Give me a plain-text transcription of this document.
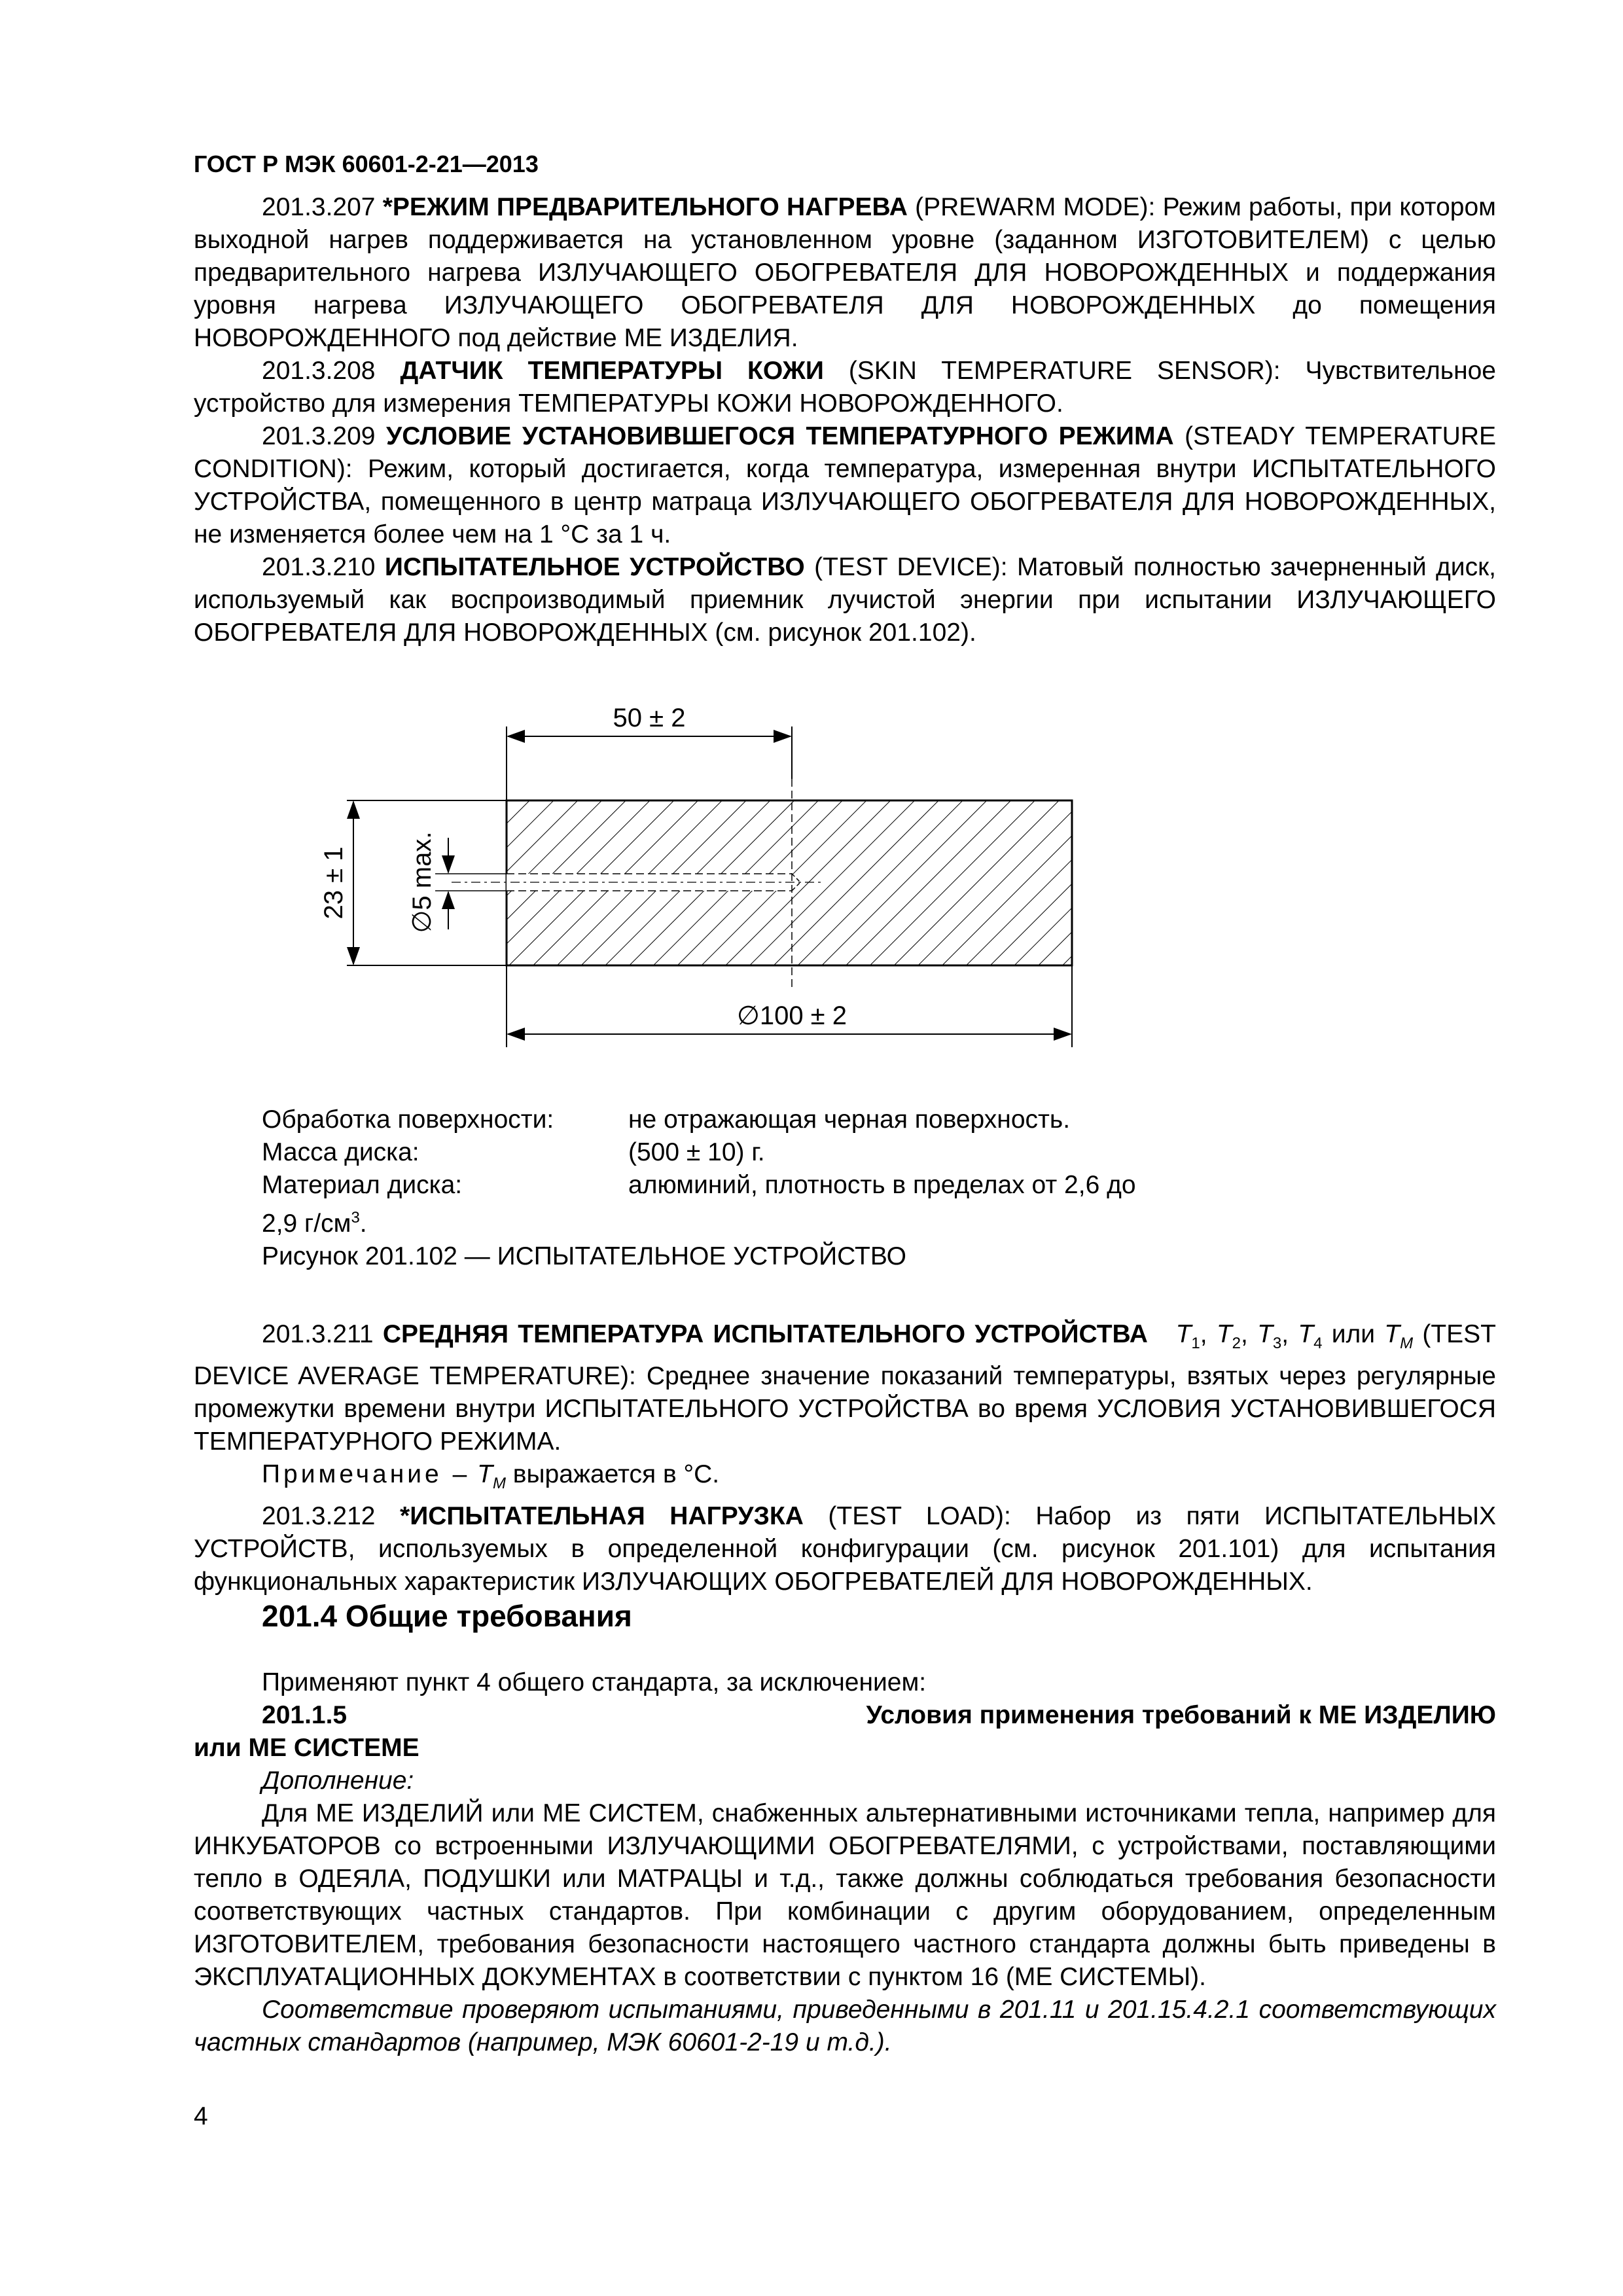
ГОСТ Р МЭК 60601-2-21—2013

201.3.207 *РЕЖИМ ПРЕДВАРИТЕЛЬНОГО НАГРЕВА (PREWARM MODE): Режим работы, при котором выходной нагрев поддерживается на установленном уровне (заданном ИЗГОТОВИТЕЛЕМ) с целью предварительного нагрева ИЗЛУЧАЮЩЕГО ОБОГРЕВАТЕЛЯ ДЛЯ НОВОРОЖДЕННЫХ и поддержания уровня нагрева ИЗЛУЧАЮЩЕГО ОБОГРЕВАТЕЛЯ ДЛЯ НОВОРОЖДЕННЫХ до помещения НОВОРОЖДЕННОГО под действие МЕ ИЗДЕЛИЯ.

201.3.208 ДАТЧИК ТЕМПЕРАТУРЫ КОЖИ (SKIN TEMPERATURE SENSOR): Чувствительное устройство для измерения ТЕМПЕРАТУРЫ КОЖИ НОВОРОЖДЕННОГО.

201.3.209 УСЛОВИЕ УСТАНОВИВШЕГОСЯ ТЕМПЕРАТУРНОГО РЕЖИМА (STEADY TEMPERATURE CONDITION): Режим, который достигается, когда температура, измеренная внутри ИСПЫТАТЕЛЬНОГО УСТРОЙСТВА, помещенного в центр матраца ИЗЛУЧАЮЩЕГО ОБОГРЕВАТЕЛЯ ДЛЯ НОВОРОЖДЕННЫХ, не изменяется более чем на 1 °С за 1 ч.

201.3.210 ИСПЫТАТЕЛЬНОЕ УСТРОЙСТВО (TEST DEVICE): Матовый полностью зачерненный диск, используемый как воспроизводимый приемник лучистой энергии при испытании ИЗЛУЧАЮЩЕГО ОБОГРЕВАТЕЛЯ ДЛЯ НОВОРОЖДЕННЫХ (см. рисунок 201.102).

50 ± 2
∅100 ± 2
23 ± 1 ∅5 max.
Обработка поверхности:	не отражающая черная поверхность.
Масса диска:	(500 ± 10) г.
Материал диска:	алюминий, плотность в пределах от 2,6 до
2,9 $г/см^3$.
Рисунок 201.102 — ИСПЫТАТЕЛЬНОЕ УСТРОЙСТВО

201.3.211 СРЕДНЯЯ ТЕМПЕРАТУРА ИСПЫТАТЕЛЬНОГО УСТРОЙСТВА $T_1$, $T_2$, $T_3$, $T_4$ или $T_M$ (TEST DEVICE AVERAGE TEMPERATURE): Среднее значение показаний температуры, взятых через регулярные промежутки времени внутри ИСПЫТАТЕЛЬНОГО УСТРОЙСТВА во время УСЛОВИЯ УСТАНОВИВШЕГОСЯ ТЕМПЕРАТУРНОГО РЕЖИМА.

Примечание – $T_M$ выражается в °С.

201.3.212 *ИСПЫТАТЕЛЬНАЯ НАГРУЗКА (TEST LOAD): Набор из пяти ИСПЫТАТЕЛЬНЫХ УСТРОЙСТВ, используемых в определенной конфигурации (см. рисунок 201.101) для испытания функциональных характеристик ИЗЛУЧАЮЩИХ ОБОГРЕВАТЕЛЕЙ ДЛЯ НОВОРОЖДЕННЫХ.

201.4 Общие требования

Применяют пункт 4 общего стандарта, за исключением:

201.1.5	Условия применения требований к МЕ ИЗДЕЛИЮ

или МЕ СИСТЕМЕ

Дополнение:

Для МЕ ИЗДЕЛИЙ или МЕ СИСТЕМ, снабженных альтернативными источниками тепла, например для ИНКУБАТОРОВ со встроенными ИЗЛУЧАЮЩИМИ ОБОГРЕВАТЕЛЯМИ, с устройствами, поставляющими тепло в ОДЕЯЛА, ПОДУШКИ или МАТРАЦЫ и т.д., также должны соблюдаться требования безопасности соответствующих частных стандартов. При комбинации с другим оборудованием, определенным ИЗГОТОВИТЕЛЕМ, требования безопасности настоящего частного стандарта должны быть приведены в ЭКСПЛУАТАЦИОННЫХ ДОКУМЕНТАХ в соответствии с пунктом 16 (МЕ СИСТЕМЫ).

Соответствие проверяют испытаниями, приведенными в 201.11 и 201.15.4.2.1 соответствующих частных стандартов (например, МЭК 60601-2-19 и т.д.).

4
